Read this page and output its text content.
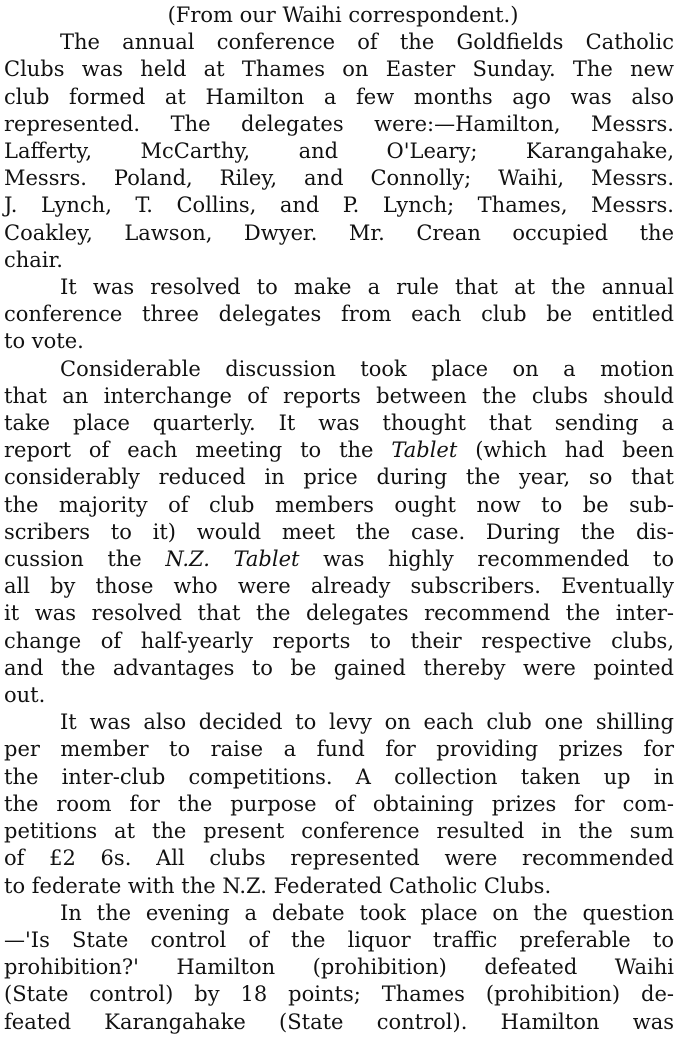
(From our Waihi correspondent.)

The annual conference of the Goldfields Catholic
Clubs was held at Thames on Easter Sunday. The new
club formed at Hamilton a few months ago was also
represented. The delegates were:—Hamilton, Messrs.
Lafferty, McCarthy, and O'Leary; Karangahake,
Messrs. Poland, Riley, and Connolly; Waihi, Messrs.
J. Lynch, T. Collins, and P. Lynch; Thames, Messrs.
Coakley, Lawson, Dwyer. Mr. Crean occupied the
chair.
It was resolved to make a rule that at the annual
conference three delegates from each club be entitled
to vote.
Considerable discussion took place on a motion
that an interchange of reports between the clubs should
take place quarterly. It was thought that sending a
report of each meeting to the Tablet (which had been
considerably reduced in price during the year, so that
the majority of club members ought now to be sub-
scribers to it) would meet the case. During the dis-
cussion the N.Z. Tablet was highly recommended to
all by those who were already subscribers. Eventually
it was resolved that the delegates recommend the inter-
change of half-yearly reports to their respective clubs,
and the advantages to be gained thereby were pointed
out.
It was also decided to levy on each club one shilling
per member to raise a fund for providing prizes for
the inter-club competitions. A collection taken up in
the room for the purpose of obtaining prizes for com-
petitions at the present conference resulted in the sum
of £2 6s. All clubs represented were recommended
to federate with the N.Z. Federated Catholic Clubs.
In the evening a debate took place on the question
—'Is State control of the liquor traffic preferable to
prohibition?' Hamilton (prohibition) defeated Waihi
(State control) by 18 points; Thames (prohibition) de-
feated Karangahake (State control). Hamilton was
